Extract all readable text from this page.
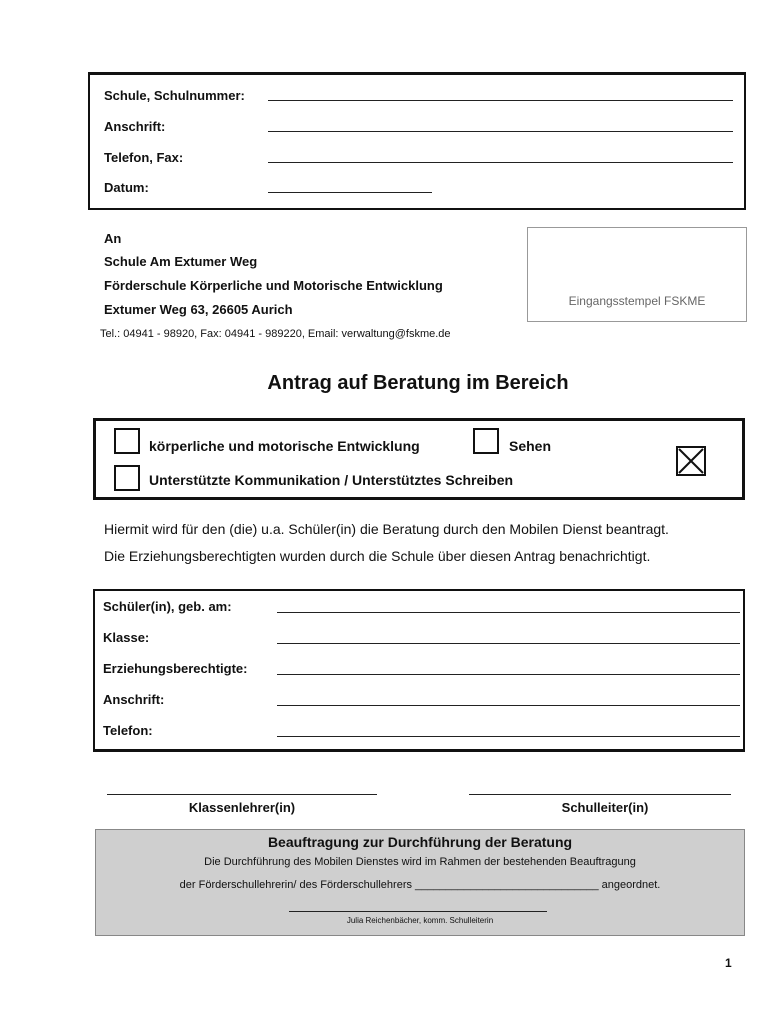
Schule, Schulnummer:
Anschrift:
Telefon, Fax:
Datum:
An
Schule Am Extumer Weg
Förderschule Körperliche und Motorische Entwicklung
Extumer Weg 63, 26605 Aurich
Eingangsstempel FSKME
Tel.: 04941 - 98920, Fax: 04941 - 989220, Email: verwaltung@fskme.de
Antrag auf Beratung im Bereich
körperliche und motorische Entwicklung	Sehen
Unterstützte Kommunikation / Unterstütztes Schreiben
Hiermit wird für den (die) u.a. Schüler(in) die Beratung durch den Mobilen Dienst beantragt.
Die Erziehungsberechtigten wurden durch die Schule über diesen Antrag benachrichtigt.
Schüler(in), geb. am:
Klasse:
Erziehungsberechtigte:
Anschrift:
Telefon:
Klassenlehrer(in)	Schulleiter(in)
Beauftragung zur Durchführung der Beratung
Die Durchführung des Mobilen Dienstes wird im Rahmen der bestehenden Beauftragung
der Förderschullehrerin/ des Förderschullehrers ______________________________ angeordnet.
Julia Reichenbächer, komm. Schulleiterin
1
